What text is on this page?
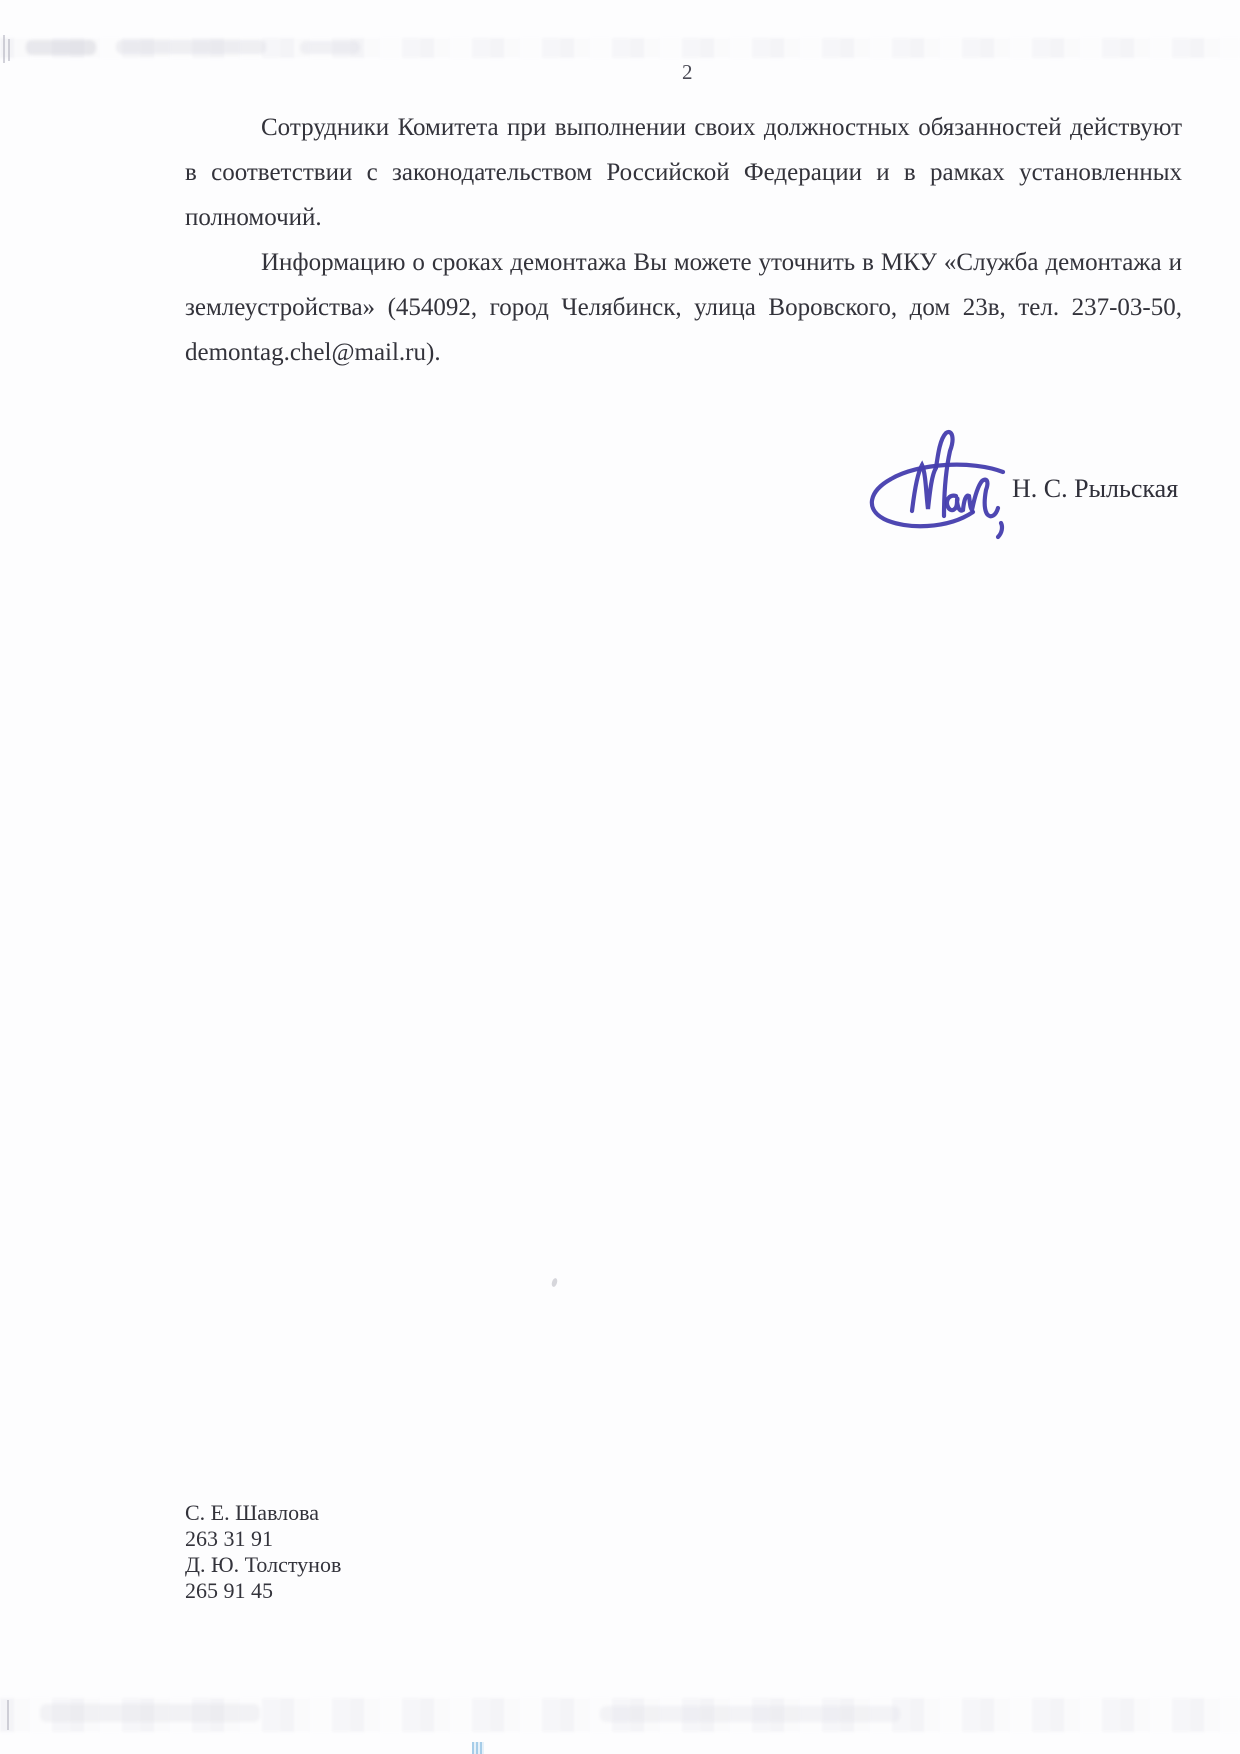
2

Сотрудники Комитета при выполнении своих должностных обязанностей действуют в соответствии с законодательством Российской Федерации и в рамках установленных полномочий.

Информацию о сроках демонтажа Вы можете уточнить в МКУ «Служба демонтажа и землеустройства» (454092, город Челябинск, улица Воровского, дом 23в, тел. 237-03-50, demontag.chel@mail.ru).

Н. С. Рыльская
С. Е. Шавлова
263 31 91
Д. Ю. Толстунов
265 91 45
